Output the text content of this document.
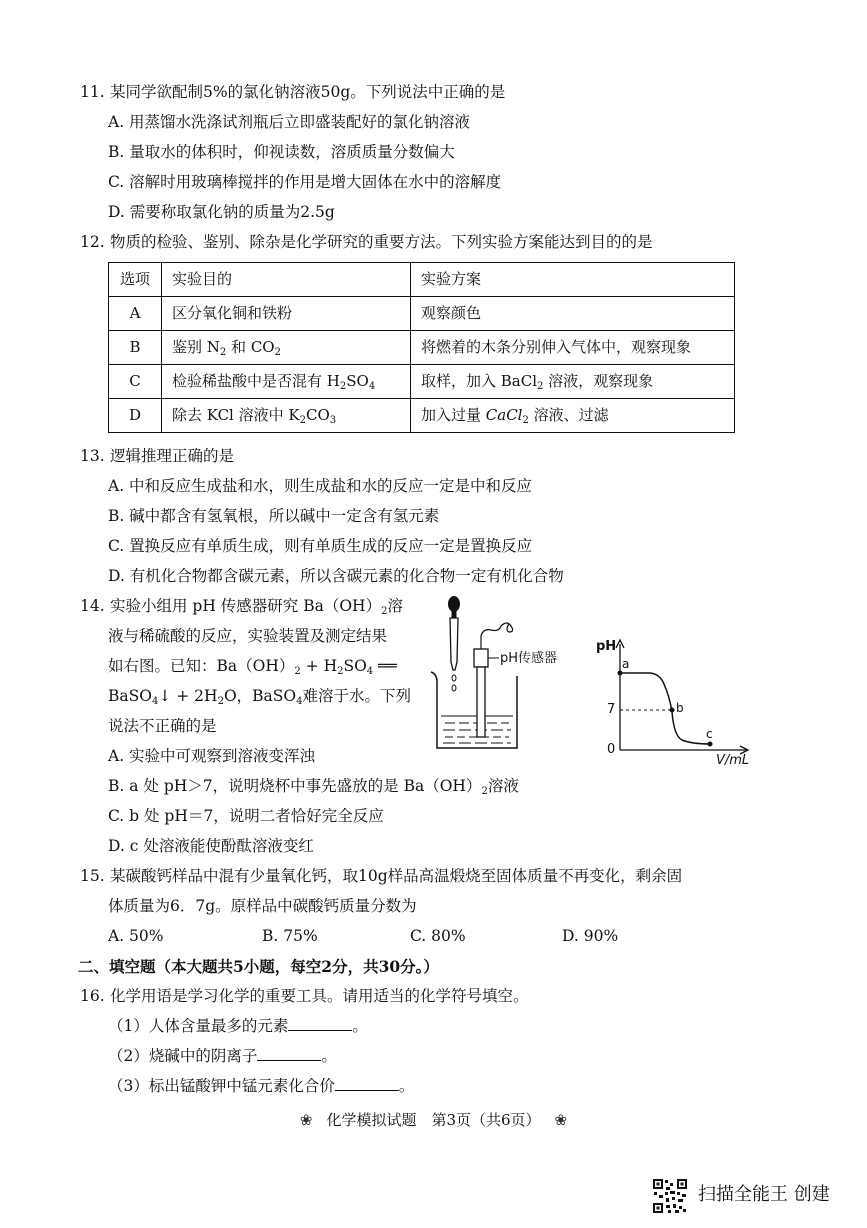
11. 某同学欲配制5%的氯化钠溶液50g。下列说法中正确的是
A. 用蒸馏水洗涤试剂瓶后立即盛装配好的氯化钠溶液
B. 量取水的体积时，仰视读数，溶质质量分数偏大
C. 溶解时用玻璃棒搅拌的作用是增大固体在水中的溶解度
D. 需要称取氯化钠的质量为2.5g
12. 物质的检验、鉴别、除杂是化学研究的重要方法。下列实验方案能达到目的的是
选项	实验目的	实验方案
A	区分氧化铜和铁粉	观察颜色
B	鉴别 $N_2$ 和 $CO_2$	将燃着的木条分别伸入气体中，观察现象
C	检验稀盐酸中是否混有 $H_2SO_4$	取样，加入 BaCl$_2$ 溶液，观察现象
D	除去 KCl 溶液中 $K_2CO_3$	加入过量 CaCl$_2$ 溶液、过滤
13. 逻辑推理正确的是
A. 中和反应生成盐和水，则生成盐和水的反应一定是中和反应
B. 碱中都含有氢氧根，所以碱中一定含有氢元素
C. 置换反应有单质生成，则有单质生成的反应一定是置换反应
D. 有机化合物都含碳元素，所以含碳元素的化合物一定有机化合物
14. 实验小组用 pH 传感器研究 $Ba(OH)_2$溶
液与稀硫酸的反应，实验装置及测定结果
如右图。已知：$Ba(OH)_2 + H_2SO_4$ ══
BaSO$_4$↓ + $2H_2O$，BaSO$_4$难溶于水。下列
说法不正确的是
A. 实验中可观察到溶液变浑浊
B. a 处 pH＞7，说明烧杯中事先盛放的是 $Ba(OH)_2$溶液
C. b 处 pH＝7，说明二者恰好完全反应
D. c 处溶液能使酚酞溶液变红
pH传感器
pH
a
b
c
7
0
V/mL
15. 某碳酸钙样品中混有少量氧化钙，取10g样品高温煅烧至固体质量不再变化，剩余固
体质量为6．7g。原样品中碳酸钙质量分数为
A. 50%	B. 75%	C. 80%	D. 90%
二、填空题（本大题共5小题，每空2分，共30分。）
16. 化学用语是学习化学的重要工具。请用适当的化学符号填空。
（1）人体含量最多的元素	。
（2）烧碱中的阴离子	。
（3）标出锰酸钾中锰元素化合价	。
❀ 化学模拟试题　第3页（共6页） ❀
扫描全能王 创建
